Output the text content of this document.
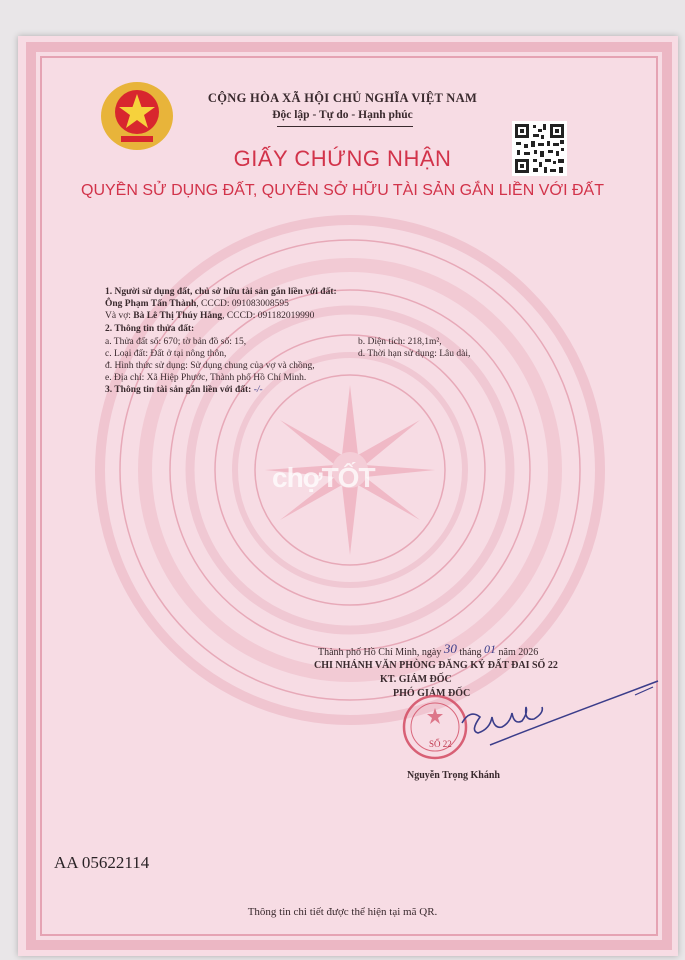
chợTỐT
CỘNG HÒA XÃ HỘI CHỦ NGHĨA VIỆT NAM
Độc lập - Tự do - Hạnh phúc
GIẤY CHỨNG NHẬN
QUYỀN SỬ DỤNG ĐẤT, QUYỀN SỞ HỮU TÀI SẢN GẮN LIỀN VỚI ĐẤT
1. Người sử dụng đất, chủ sở hữu tài sản gắn liền với đất:
Ông Phạm Tấn Thành, CCCD: 091083008595
Và vợ: Bà Lê Thị Thúy Hằng, CCCD: 091182019990
2. Thông tin thửa đất:
a. Thửa đất số: 670; tờ bản đồ số: 15,	b. Diện tích: 218,1m²,
c. Loại đất: Đất ở tại nông thôn,	d. Thời hạn sử dụng: Lâu dài,
đ. Hình thức sử dụng: Sử dụng chung của vợ và chồng,
e. Địa chỉ: Xã Hiệp Phước, Thành phố Hồ Chí Minh.
3. Thông tin tài sản gắn liền với đất: -/-
Thành phố Hồ Chí Minh, ngày 30 tháng 01 năm 2026
CHI NHÁNH VĂN PHÒNG ĐĂNG KÝ ĐẤT ĐAI SỐ 22
KT. GIÁM ĐỐC
PHÓ GIÁM ĐỐC
SỐ 22
Nguyễn Trọng Khánh
AA 05622114
Thông tin chi tiết được thể hiện tại mã QR.
